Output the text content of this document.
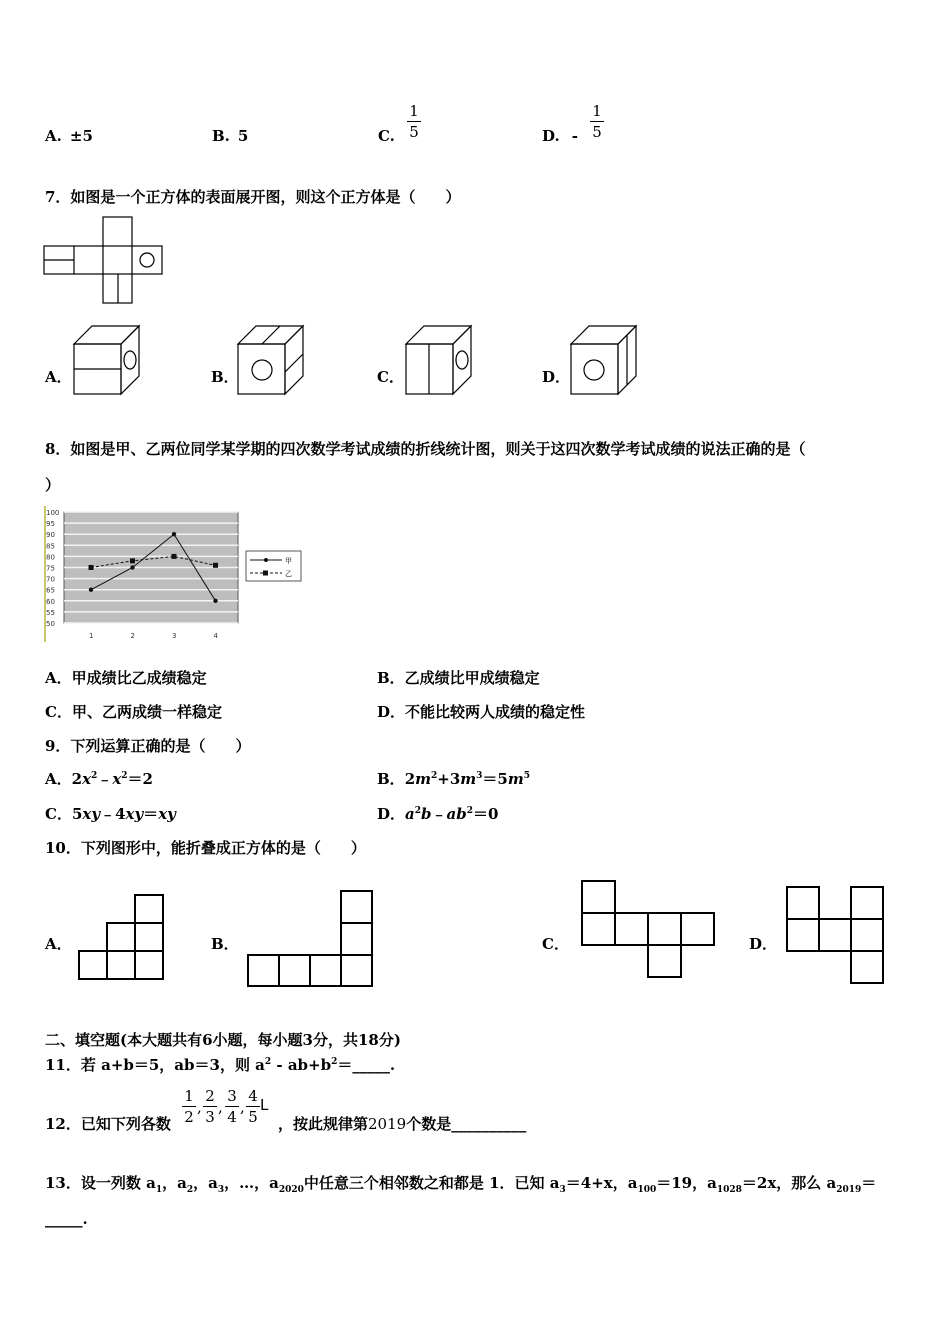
A. ±5	B. 5	C.
1
5	D. -
1
5
7．如图是一个正方体的表面展开图，则这个正方体是（　　）
A．	B．	C．	D．
8．如图是甲、乙两位同学某学期的四次数学考试成绩的折线统计图，则关于这四次数学考试成绩的说法正确的是（
）
100
95
90
85
80
75
70
65
60
55
50
1	2	3	4
甲
乙
A．甲成绩比乙成绩稳定	B．乙成绩比甲成绩稳定
C．甲、乙两成绩一样稳定	D．不能比较两人成绩的稳定性
9．下列运算正确的是（　　）
A．$2x^2﹣x^2=2$	B．$2m^2+3m^3=5m^5$
C．5xy﹣4xy＝xy	D．$a^2b﹣ab^2=0$
10．下列图形中，能折叠成正方体的是（　　）
A．	B．	C．	D．
二、填空题(本大题共有6小题，每小题3分，共18分)
11．若 a+b＝5，ab＝3，则 $a^2$ - $ab+b^2=\_\_\_\_\_$.
12．已知下列各数
1
2
,
2
3
,
3
4
,
4
5
L
，按此规律第2019个数是__________
13．设一列数 $a_1$，$a_2$，$a_3$，…，$a_{2020}$中任意三个相邻数之和都是 1．已知 $a_3=4+x$，$a_{100}=19$，$a_{1028}=2x$，那么 $a_{2019}=$
_____.
